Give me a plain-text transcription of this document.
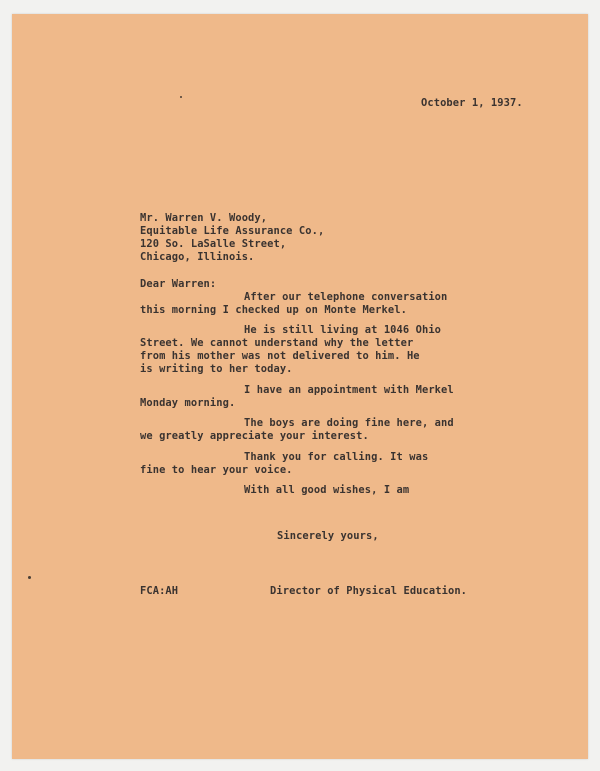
October 1, 1937.
Mr. Warren V. Woody,
Equitable Life Assurance Co.,
120 So. LaSalle Street,
Chicago, Illinois.
Dear Warren:
After our telephone conversation
this morning I checked up on Monte Merkel.
He is still living at 1046 Ohio
Street. We cannot understand why the letter
from his mother was not delivered to him. He
is writing to her today.
I have an appointment with Merkel
Monday morning.
The boys are doing fine here, and
we greatly appreciate your interest.
Thank you for calling. It was
fine to hear your voice.
With all good wishes, I am
Sincerely yours,
FCA:AH	Director of Physical Education.
